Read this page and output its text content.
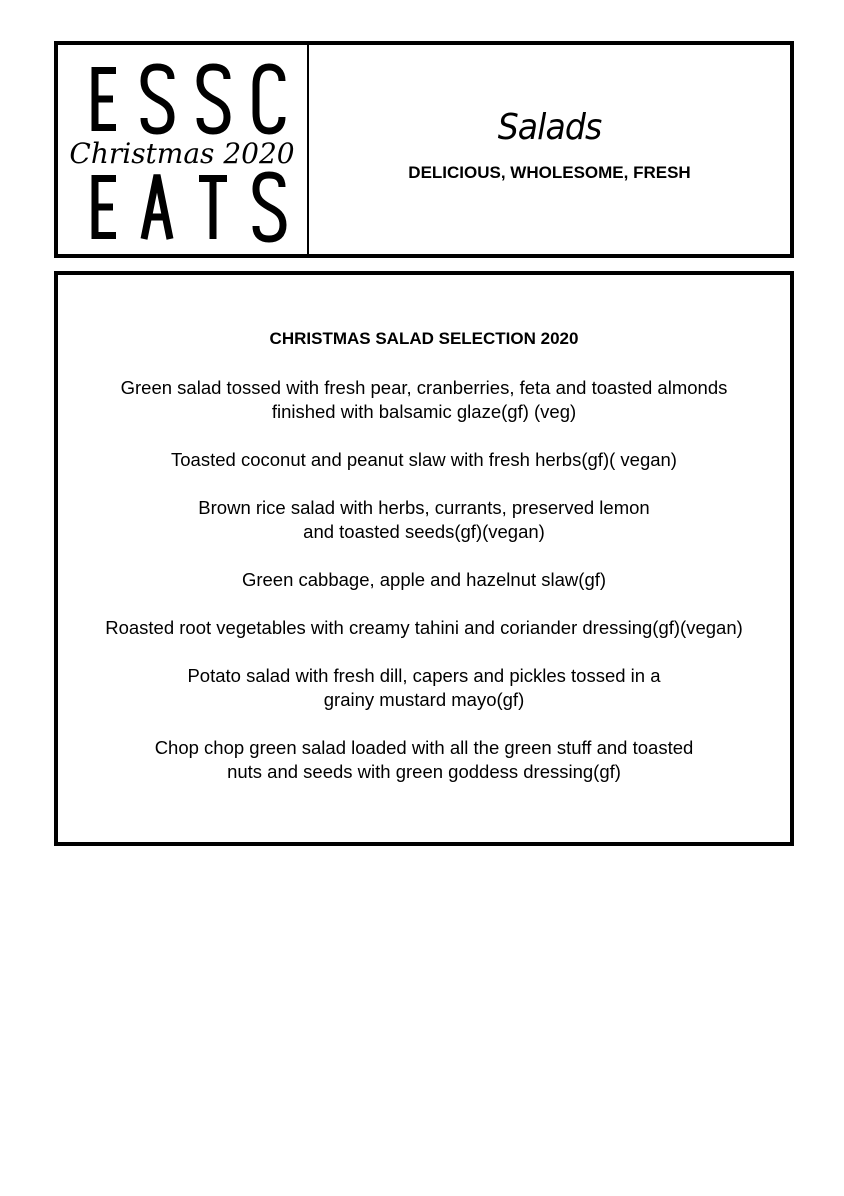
Christmas 2020
Salads
DELICIOUS, WHOLESOME, FRESH
CHRISTMAS SALAD SELECTION 2020
Green salad tossed with fresh pear, cranberries, feta and toasted almonds
finished with balsamic glaze(gf) (veg)
Toasted coconut and peanut slaw with fresh herbs(gf)( vegan)
Brown rice salad with herbs, currants, preserved lemon
and toasted seeds(gf)(vegan)
Green cabbage, apple and hazelnut slaw(gf)
Roasted root vegetables with creamy tahini and coriander dressing(gf)(vegan)
Potato salad with fresh dill, capers and pickles tossed in a
grainy mustard mayo(gf)
Chop chop green salad loaded with all the green stuff and toasted
nuts and seeds with green goddess dressing(gf)
